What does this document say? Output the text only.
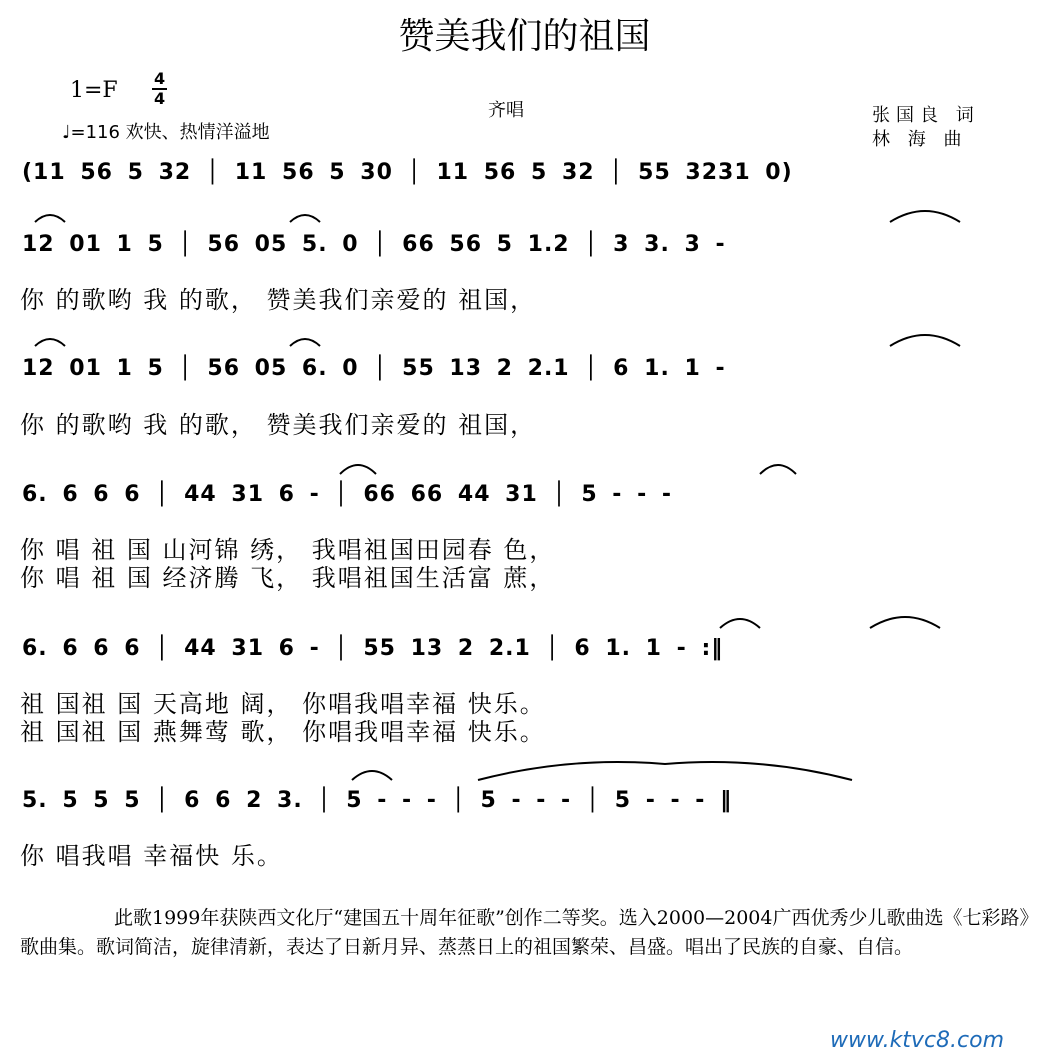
赞美我们的祖国
$1=F \frac{4}{4}$
♩=116 欢快、热情洋溢地
齐唱	张国良 词
林 海 曲
(11 56 5 32 │ 11 56 5 30 │ 11 56 5 32 │ 55 3231 0)
12 01 1 5 │ 56 05 5. 0 │ 66 56 5 1.2 │ 3 3. 3 -
你 的歌哟 我 的歌， 赞美我们亲爱的 祖国，
12 01 1 5 │ 56 05 6. 0 │ 55 13 2 2.1 │ 6 1. 1 -
你 的歌哟 我 的歌， 赞美我们亲爱的 祖国，
6. 6 6 6 │ 44 31 6 - │ 66 66 44 31 │ 5 - - -
你 唱 祖 国 山河锦 绣， 我唱祖国田园春 色，
你 唱 祖 国 经济腾 飞， 我唱祖国生活富 蔗，
6. 6 6 6 │ 44 31 6 - │ 55 13 2 2.1 │ 6 1. 1 - :‖
祖 国祖 国 天高地 阔， 你唱我唱幸福 快乐。
祖 国祖 国 燕舞莺 歌， 你唱我唱幸福 快乐。
5. 5 5 5 │ 6 6 2 3. │ 5 - - - │ 5 - - - │ 5 - - - ‖
你 唱我唱 幸福快 乐。
此歌1999年获陕西文化厅“建国五十周年征歌”创作二等奖。选入2000—2004广西优秀少儿歌曲选《七彩路》歌曲集。歌词简洁，旋律清新，表达了日新月异、蒸蒸日上的祖国繁荣、昌盛。唱出了民族的自豪、自信。
www.ktvc8.com
